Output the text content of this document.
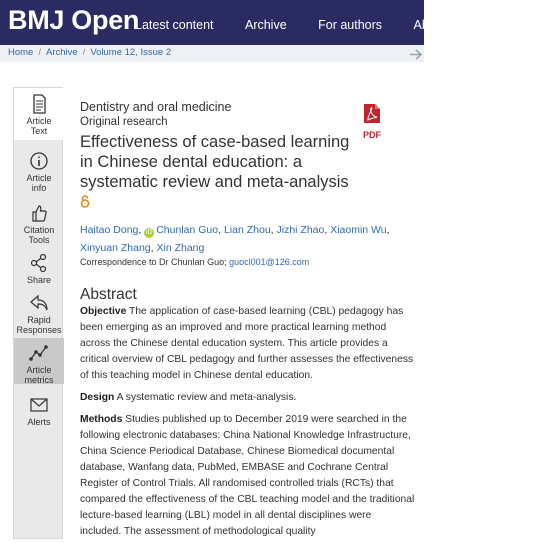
BMJ Open
Latest content	Archive	For authors	About	Browse
Home / Archive / Volume 12, Issue 2
Article
Text
Article
info
Citation
Tools
Share
Rapid
Responses
Article
metrics
Alerts
Dentistry and oral medicine
Original research
PDF
Effectiveness of case-based learning in Chinese dental education: a systematic review and meta-analysis
Haitao Dong, iD Chunlan Guo, Lian Zhou, Jizhi Zhao, Xiaomin Wu, Xinyuan Zhang, Xin Zhang
Correspondence to Dr Chunlan Guo; guocl001@126.com
Abstract
Objective The application of case-based learning (CBL) pedagogy has been emerging as an improved and more practical learning method across the Chinese dental education system. This article provides a critical overview of CBL pedagogy and further assesses the effectiveness of this teaching model in Chinese dental education.
Design A systematic review and meta-analysis.
Methods Studies published up to December 2019 were searched in the following electronic databases: China National Knowledge Infrastructure, China Science Periodical Database, Chinese Biomedical documental database, Wanfang data, PubMed, EMBASE and Cochrane Central Register of Control Trials. All randomised controlled trials (RCTs) that compared the effectiveness of the CBL teaching model and the traditional lecture-based learning (LBL) model in all dental disciplines were included. The assessment of methodological quality
